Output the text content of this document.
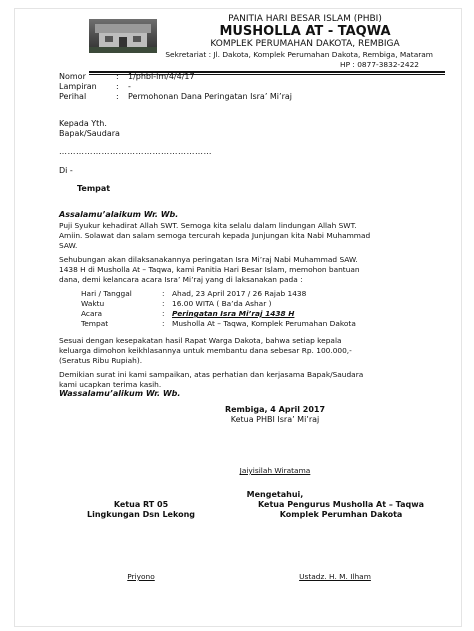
PANITIA HARI BESAR ISLAM (PHBI)
MUSHOLLA AT - TAQWA
KOMPLEK PERUMAHAN DAKOTA, REMBIGA
Sekretariat : Jl. Dakota, Komplek Perumahan Dakota, Rembiga, Mataram
HP : 0877-3832-2422
Nomor	: 1/phbi-im/4/4/17
Lampiran : -
Perihal	: Permohonan Dana Peringatan Isra’ Mi’raj
Kepada Yth.
Bapak/Saudara
………………………………………………
Di -
Tempat
Assalamu’alaikum Wr. Wb.
Puji Syukur kehadirat Allah SWT. Semoga kita selalu dalam lindungan Allah SWT.
Amiin. Solawat dan salam semoga tercurah kepada Junjungan kita Nabi Muhammad
SAW.
Sehubungan akan dilaksanakannya peringatan Isra Mi’raj Nabi Muhammad SAW.
1438 H di Musholla At – Taqwa, kami Panitia Hari Besar Islam, memohon bantuan
dana, demi kelancara acara Isra’ Mi’raj yang di laksanakan pada :
Hari / Tanggal	: Ahad, 23 April 2017 / 26 Rajab 1438
Waktu	: 16.00 WITA ( Ba’da Ashar )
Acara	: Peringatan Isra Mi’raj 1438 H
Tempat	: Musholla At – Taqwa, Komplek Perumahan Dakota
Sesuai dengan kesepakatan hasil Rapat Warga Dakota, bahwa setiap kepala
keluarga dimohon keikhlasannya untuk membantu dana sebesar Rp. 100.000,-
(Seratus Ribu Rupiah).
Demikian surat ini kami sampaikan, atas perhatian dan kerjasama Bapak/Saudara
kami ucapkan terima kasih.
Wassalamu’alikum Wr. Wb.
Rembiga, 4 April 2017
Ketua PHBI Isra’ Mi’raj
Jaiyisilah Wiratama
Mengetahui,
Ketua RT 05
Lingkungan Dsn Lekong
Priyono
Ketua Pengurus Musholla At – Taqwa
Komplek Perumhan Dakota
Ustadz. H. M. Ilham
